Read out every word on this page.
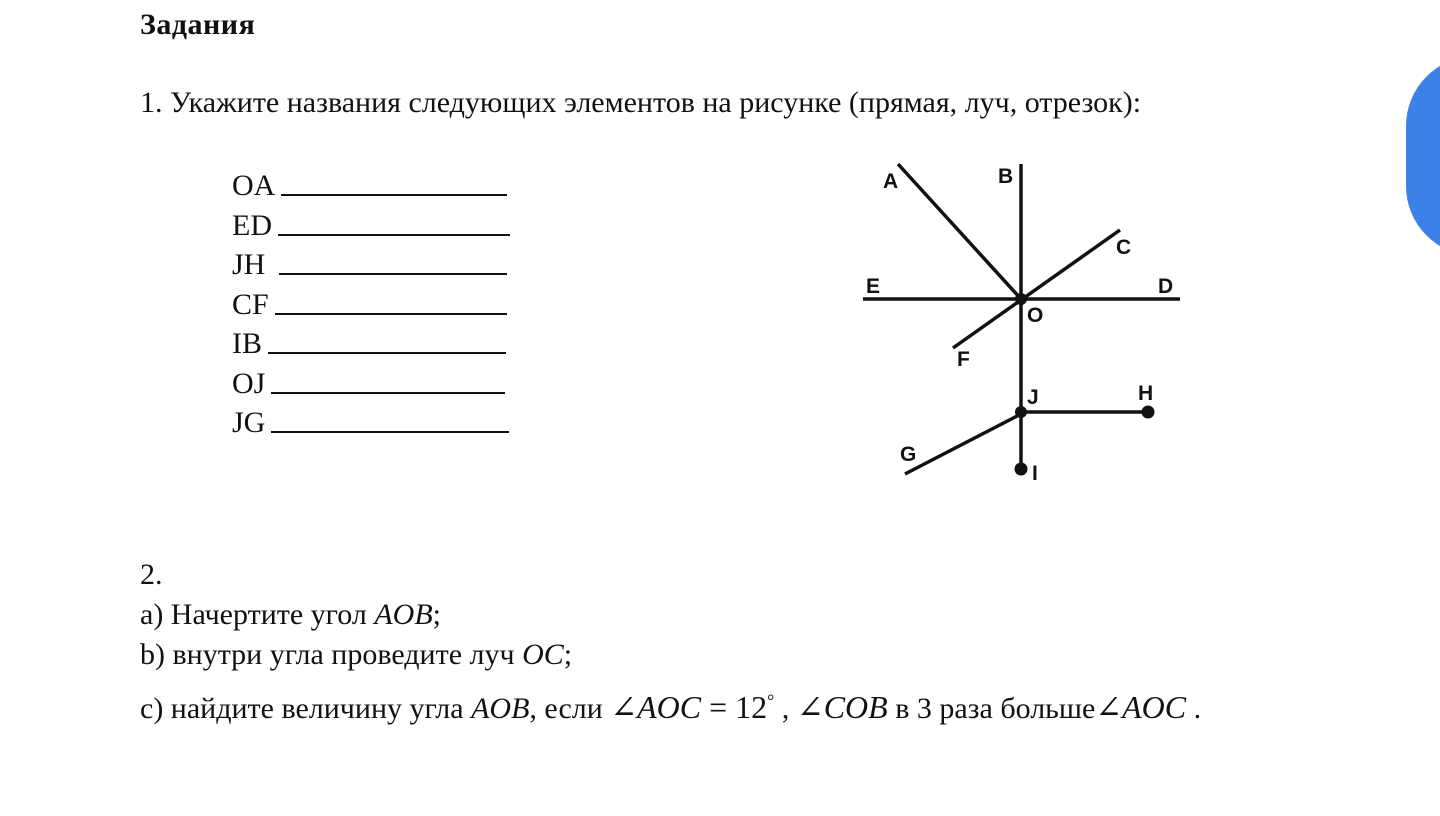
Задания
1. Укажите названия следующих элементов на рисунке (прямая, луч, отрезок):
OA
ED
JH
CF
IB
OJ
JG
A	B
C
D
E
F
O
J	H
G
I
2.
a) Начертите угол AOB;
b) внутри угла проведите луч OC;
c) найдите величину угла AOB, если ∠AOC = 12° , ∠COB в 3 раза больше∠AOC .
